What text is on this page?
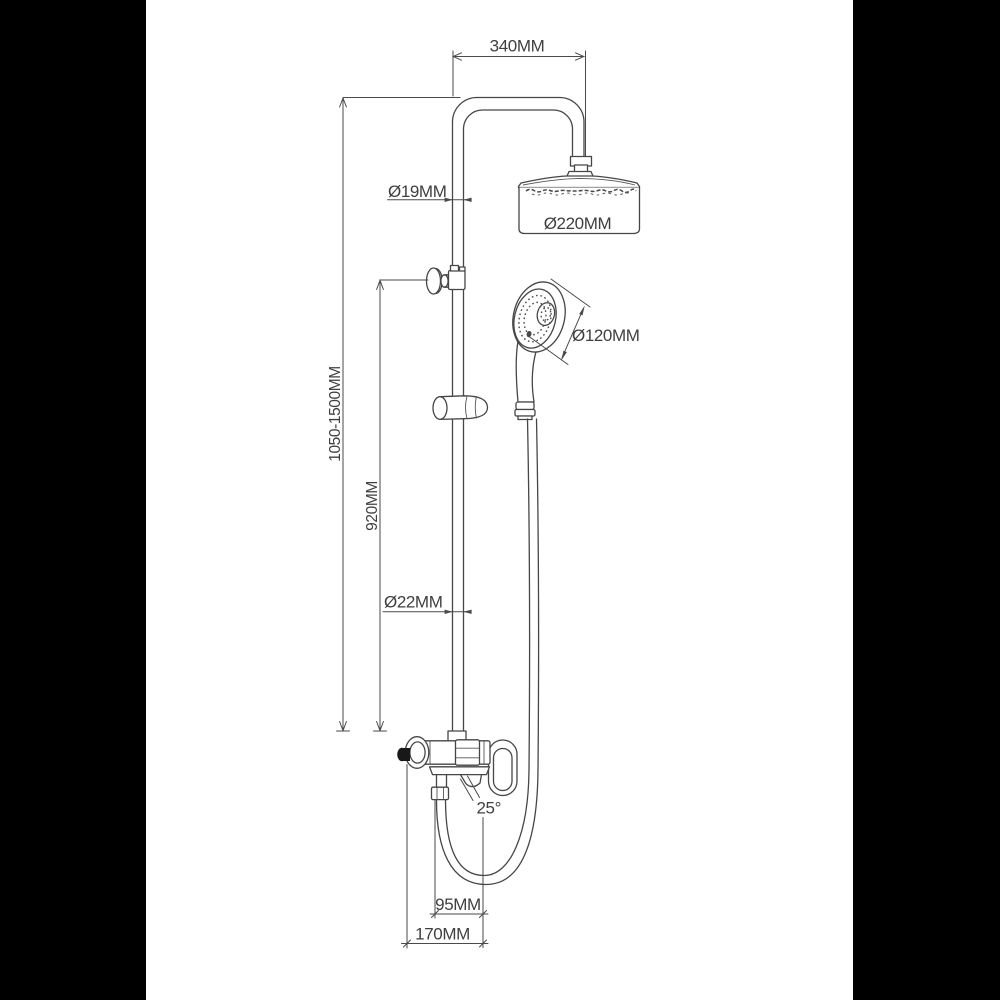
340MM
Ø220MM
Ø19MM
1050-1500MM
920MM
Ø120MM
Ø22MM
25°
95MM
170MM
